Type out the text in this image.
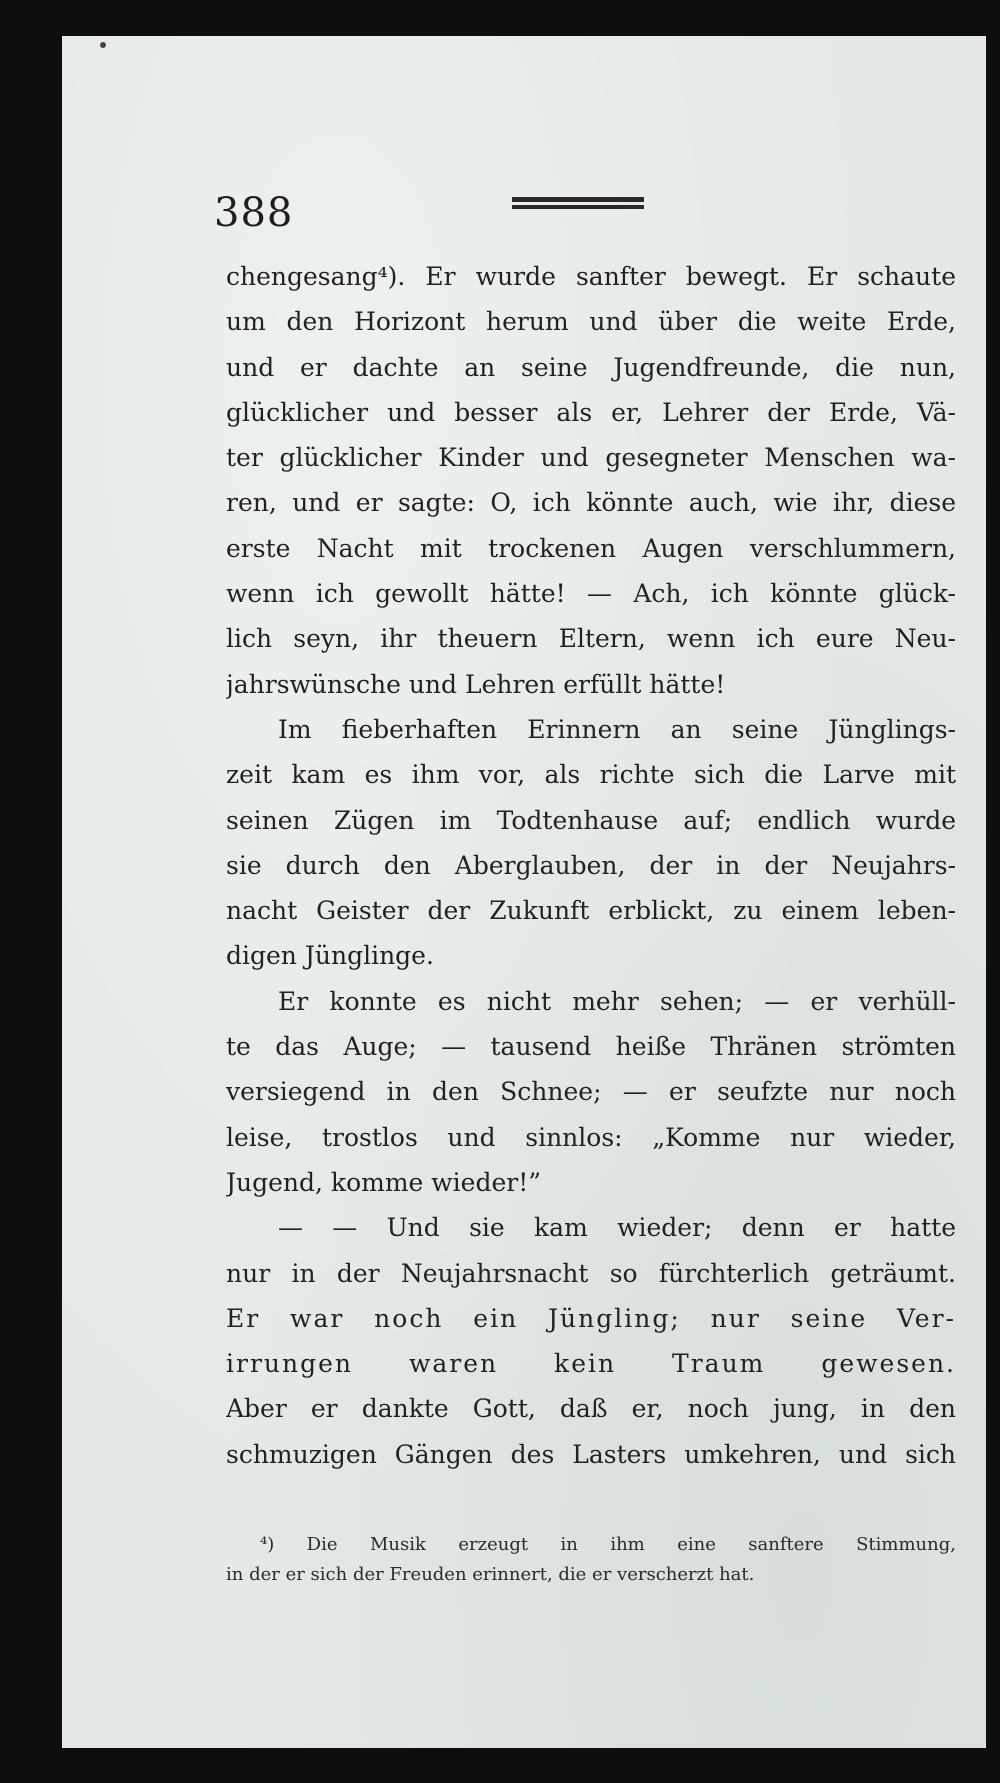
388
chengesang⁴). Er wurde sanfter bewegt. Er schaute
um den Horizont herum und über die weite Erde,
und er dachte an seine Jugendfreunde, die nun,
glücklicher und besser als er, Lehrer der Erde, Vä-
ter glücklicher Kinder und gesegneter Menschen wa-
ren, und er sagte: O, ich könnte auch, wie ihr, diese
erste Nacht mit trockenen Augen verschlummern,
wenn ich gewollt hätte! — Ach, ich könnte glück-
lich seyn, ihr theuern Eltern, wenn ich eure Neu-
jahrswünsche und Lehren erfüllt hätte!
Im fieberhaften Erinnern an seine Jünglings-
zeit kam es ihm vor, als richte sich die Larve mit
seinen Zügen im Todtenhause auf; endlich wurde
sie durch den Aberglauben, der in der Neujahrs-
nacht Geister der Zukunft erblickt, zu einem leben-
digen Jünglinge.
Er konnte es nicht mehr sehen; — er verhüll-
te das Auge; — tausend heiße Thränen strömten
versiegend in den Schnee; — er seufzte nur noch
leise, trostlos und sinnlos: „Komme nur wieder,
Jugend, komme wieder!”
— — Und sie kam wieder; denn er hatte
nur in der Neujahrsnacht so fürchterlich geträumt.
Er war noch ein Jüngling; nur seine Ver-
irrungen waren kein Traum gewesen.
Aber er dankte Gott, daß er, noch jung, in den
schmuzigen Gängen des Lasters umkehren, und sich
⁴) Die Musik erzeugt in ihm eine sanftere Stimmung,
in der er sich der Freuden erinnert, die er verscherzt hat.
